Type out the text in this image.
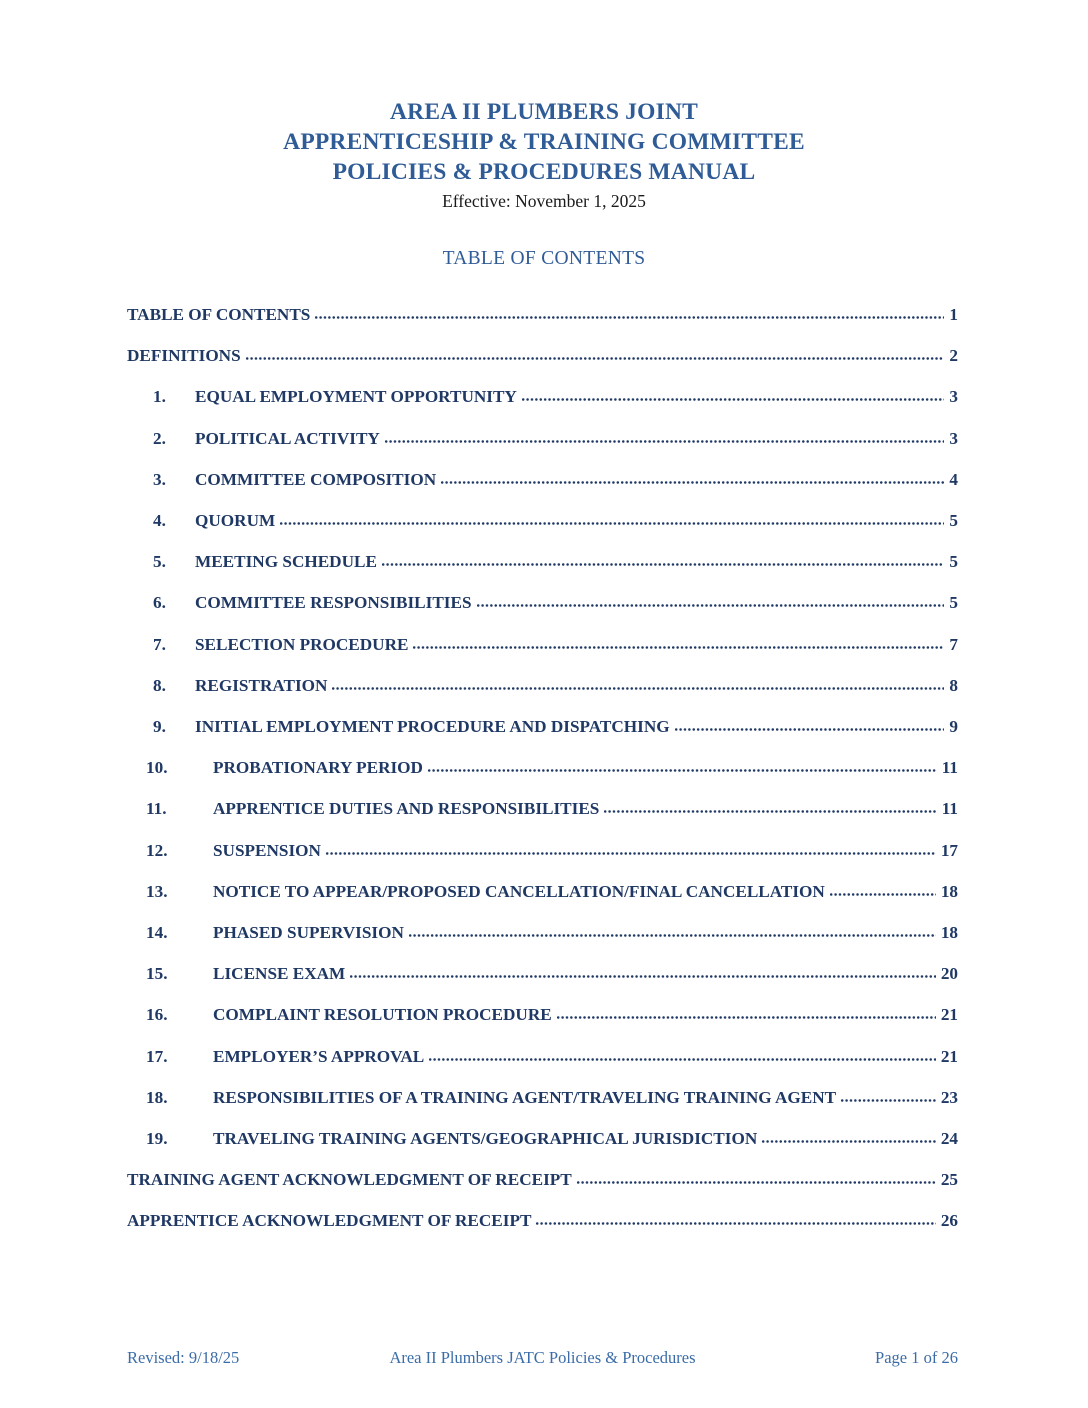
AREA II PLUMBERS JOINT
APPRENTICESHIP & TRAINING COMMITTEE
POLICIES & PROCEDURES MANUAL
Effective: November 1, 2025
TABLE OF CONTENTS
TABLE OF CONTENTS	1
DEFINITIONS	2
1.	EQUAL EMPLOYMENT OPPORTUNITY	3
2.	POLITICAL ACTIVITY	3
3.	COMMITTEE COMPOSITION	4
4.	QUORUM	5
5.	MEETING SCHEDULE	5
6.	COMMITTEE RESPONSIBILITIES	5
7.	SELECTION PROCEDURE	7
8.	REGISTRATION	8
9.	INITIAL EMPLOYMENT PROCEDURE AND DISPATCHING	9
10.	PROBATIONARY PERIOD	11
11.	APPRENTICE DUTIES AND RESPONSIBILITIES	11
12.	SUSPENSION	17
13.	NOTICE TO APPEAR/PROPOSED CANCELLATION/FINAL CANCELLATION	18
14.	PHASED SUPERVISION	18
15.	LICENSE EXAM	20
16.	COMPLAINT RESOLUTION PROCEDURE	21
17.	EMPLOYER’S APPROVAL	21
18.	RESPONSIBILITIES OF A TRAINING AGENT/TRAVELING TRAINING AGENT	23
19.	TRAVELING TRAINING AGENTS/GEOGRAPHICAL JURISDICTION	24
TRAINING AGENT ACKNOWLEDGMENT OF RECEIPT	25
APPRENTICE ACKNOWLEDGMENT OF RECEIPT	26
Revised: 9/18/25	Area II Plumbers JATC Policies & Procedures	Page 1 of 26
